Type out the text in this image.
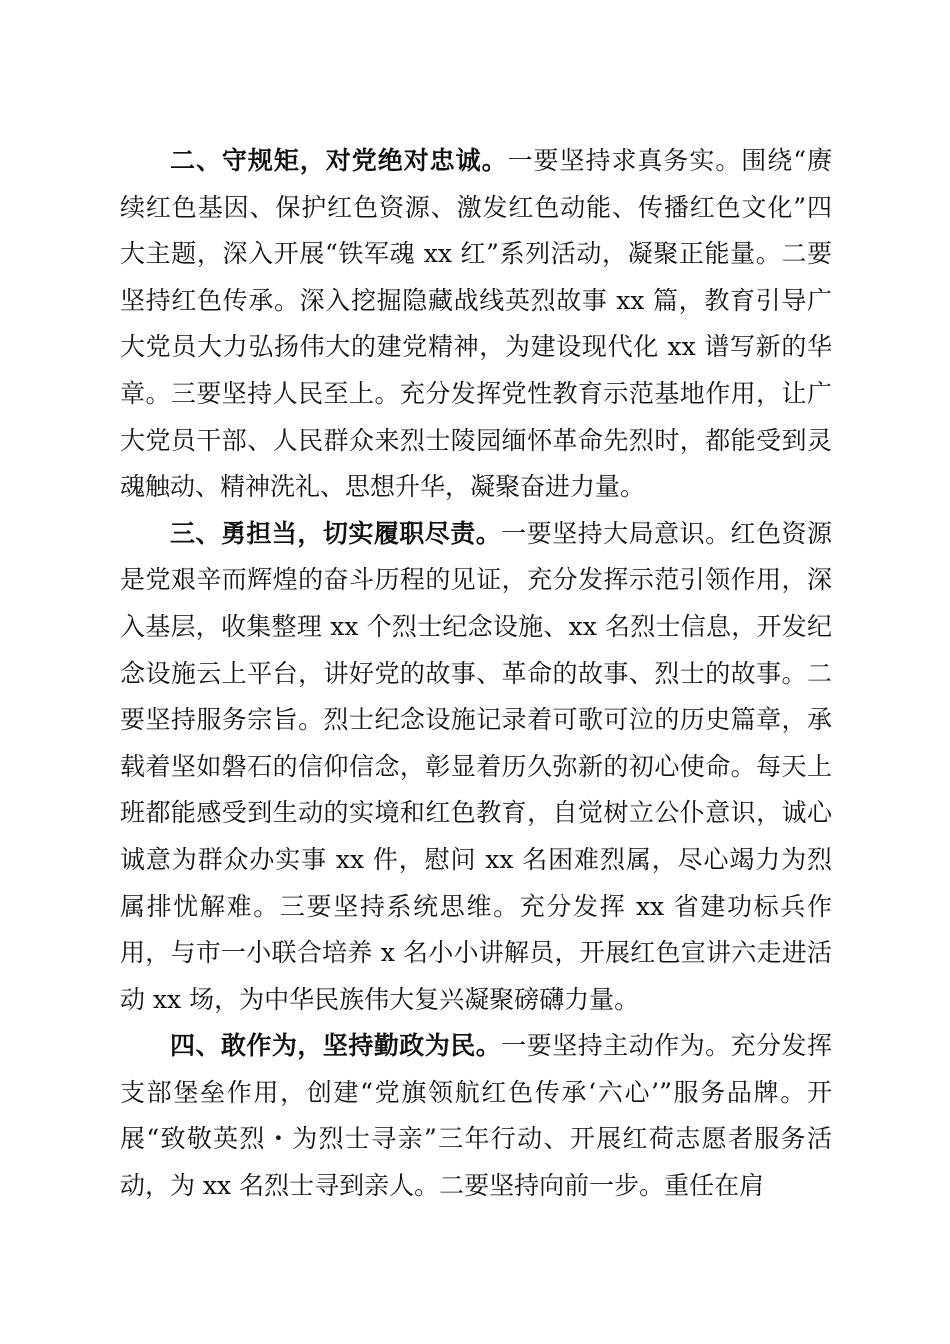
二、守规矩，对党绝对忠诚。一要坚持求真务实。围绕“赓续红色基因、保护红色资源、激发红色动能、传播红色文化”四大主题，深入开展“铁军魂 xx 红”系列活动，凝聚正能量。二要坚持红色传承。深入挖掘隐藏战线英烈故事 xx 篇，教育引导广大党员大力弘扬伟大的建党精神，为建设现代化 xx 谱写新的华章。三要坚持人民至上。充分发挥党性教育示范基地作用，让广大党员干部、人民群众来烈士陵园缅怀革命先烈时，都能受到灵魂触动、精神洗礼、思想升华，凝聚奋进力量。

三、勇担当，切实履职尽责。一要坚持大局意识。红色资源是党艰辛而辉煌的奋斗历程的见证，充分发挥示范引领作用，深入基层，收集整理 xx 个烈士纪念设施、xx 名烈士信息，开发纪念设施云上平台，讲好党的故事、革命的故事、烈士的故事。二要坚持服务宗旨。烈士纪念设施记录着可歌可泣的历史篇章，承载着坚如磐石的信仰信念，彰显着历久弥新的初心使命。每天上班都能感受到生动的实境和红色教育，自觉树立公仆意识，诚心诚意为群众办实事 xx 件，慰问 xx 名困难烈属，尽心竭力为烈属排忧解难。三要坚持系统思维。充分发挥 xx 省建功标兵作用，与市一小联合培养 x 名小小讲解员，开展红色宣讲六走进活动 xx 场，为中华民族伟大复兴凝聚磅礴力量。

四、敢作为，坚持勤政为民。一要坚持主动作为。充分发挥支部堡垒作用，创建“党旗领航红色传承‘六心’”服务品牌。开展“致敬英烈・为烈士寻亲”三年行动、开展红荷志愿者服务活动，为 xx 名烈士寻到亲人。二要坚持向前一步。重任在肩
